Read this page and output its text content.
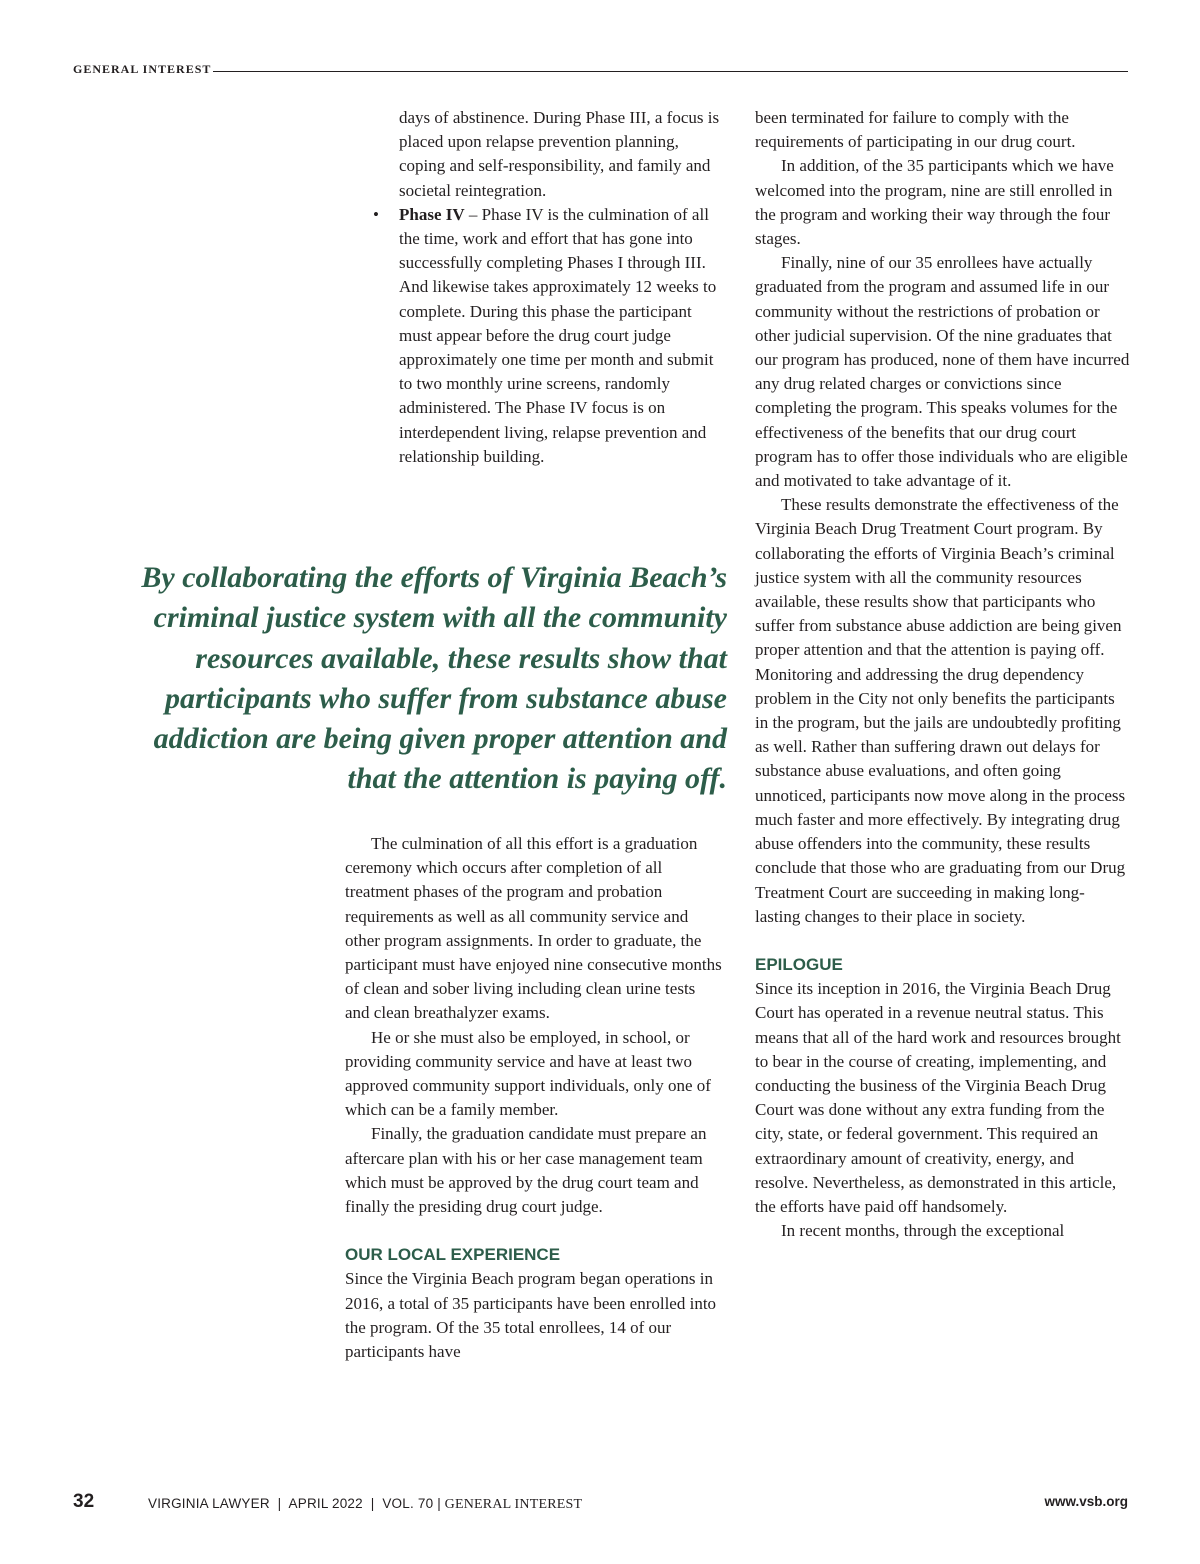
GENERAL INTEREST

days of abstinence. During Phase III, a focus is placed upon relapse prevention planning, coping and self-responsibility, and family and societal reintegration.

• Phase IV – Phase IV is the culmination of all the time, work and effort that has gone into successfully completing Phases I through III. And likewise takes approximately 12 weeks to complete. During this phase the participant must appear before the drug court judge approximately one time per month and submit to two monthly urine screens, randomly administered. The Phase IV focus is on interdependent living, relapse prevention and relationship building.
By collaborating the efforts of Virginia Beach’s criminal justice system with all the community resources available, these results show that participants who suffer from substance abuse addiction are being given proper attention and that the attention is paying off.

The culmination of all this effort is a graduation ceremony which occurs after completion of all treatment phases of the program and probation requirements as well as all community service and other program assignments. In order to graduate, the participant must have enjoyed nine consecutive months of clean and sober living including clean urine tests and clean breathalyzer exams.

He or she must also be employed, in school, or providing community service and have at least two approved community support individuals, only one of which can be a family member.

Finally, the graduation candidate must prepare an aftercare plan with his or her case management team which must be approved by the drug court team and finally the presiding drug court judge.

OUR LOCAL EXPERIENCE

Since the Virginia Beach program began operations in 2016, a total of 35 participants have been enrolled into the program. Of the 35 total enrollees, 14 of our participants have

been terminated for failure to comply with the requirements of participating in our drug court.

In addition, of the 35 participants which we have welcomed into the program, nine are still enrolled in the program and working their way through the four stages.

Finally, nine of our 35 enrollees have actually graduated from the program and assumed life in our community without the restrictions of probation or other judicial supervision. Of the nine graduates that our program has produced, none of them have incurred any drug related charges or convictions since completing the program. This speaks volumes for the effectiveness of the benefits that our drug court program has to offer those individuals who are eligible and motivated to take advantage of it.

These results demonstrate the effectiveness of the Virginia Beach Drug Treatment Court program. By collaborating the efforts of Virginia Beach’s criminal justice system with all the community resources available, these results show that participants who suffer from substance abuse addiction are being given proper attention and that the attention is paying off. Monitoring and addressing the drug dependency problem in the City not only benefits the participants in the program, but the jails are undoubtedly profiting as well. Rather than suffering drawn out delays for substance abuse evaluations, and often going unnoticed, participants now move along in the process much faster and more effectively. By integrating drug abuse offenders into the community, these results conclude that those who are graduating from our Drug Treatment Court are succeeding in making long-lasting changes to their place in society.

EPILOGUE

Since its inception in 2016, the Virginia Beach Drug Court has operated in a revenue neutral status. This means that all of the hard work and resources brought to bear in the course of creating, implementing, and conducting the business of the Virginia Beach Drug Court was done without any extra funding from the city, state, or federal government. This required an extraordinary amount of creativity, energy, and resolve. Nevertheless, as demonstrated in this article, the efforts have paid off handsomely.

In recent months, through the exceptional

32	VIRGINIA LAWYER  |  APRIL 2022  |  VOL. 70 | GENERAL INTEREST	www.vsb.org
